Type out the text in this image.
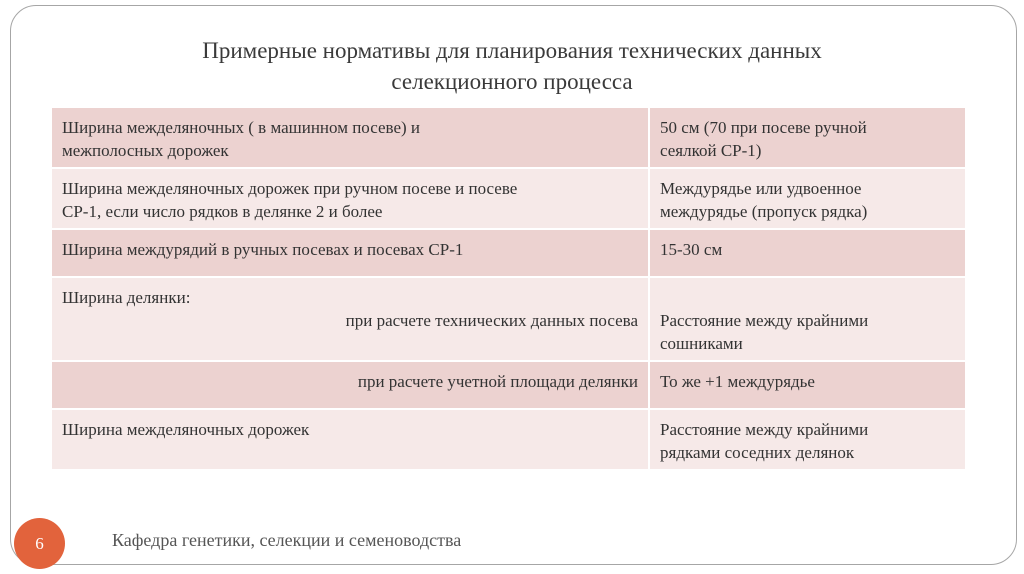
Примерные нормативы для планирования технических данных
селекционного процесса
Ширина межделяночных ( в машинном посеве) и
межполосных дорожек	50 см (70 при посеве ручной
сеялкой СР-1)

Ширина межделяночных дорожек при ручном посеве и посеве
СР-1, если число рядков в делянке 2 и более	Междурядье или удвоенное
междурядье (пропуск рядка)

Ширина междурядий в ручных посевах и посевах СР-1	15-30 см

Ширина делянки:
при расчете технических данных посева	Расстояние между крайними
сошниками

при расчете учетной площади делянки	То же +1 междурядье

Ширина межделяночных дорожек	Расстояние между крайними
рядками соседних делянок
6	Кафедра генетики, селекции и семеноводства
